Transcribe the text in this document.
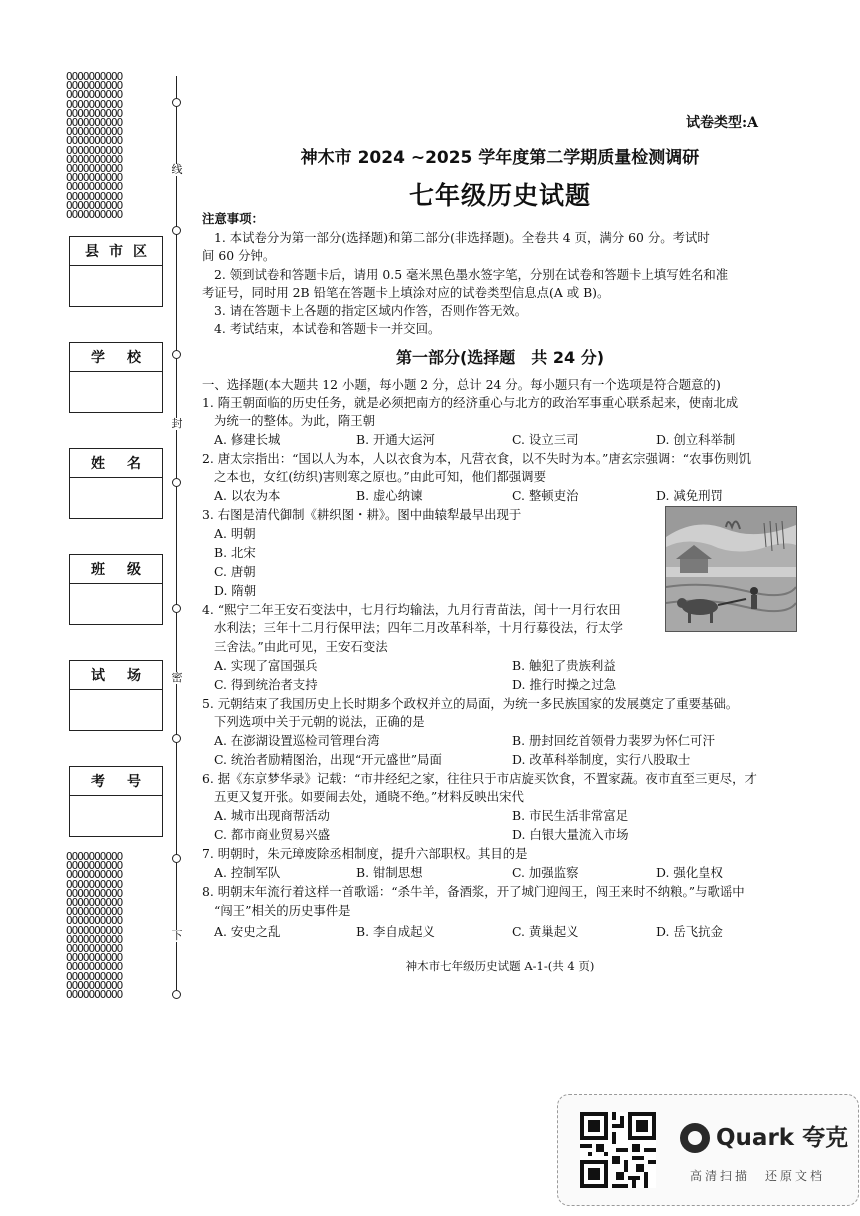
OOOOOOOOOO
OOOOOOOOOO
OOOOOOOOOO
OOOOOOOOOO
OOOOOOOOOO
OOOOOOOOOO
OOOOOOOOOO
OOOOOOOOOO
OOOOOOOOOO
OOOOOOOOOO
OOOOOOOOOO
OOOOOOOOOO
OOOOOOOOOO
OOOOOOOOOO
OOOOOOOOOO
OOOOOOOOOO
OOOOOOOOOO
OOOOOOOOOO
OOOOOOOOOO
OOOOOOOOOO
OOOOOOOOOO
OOOOOOOOOO
OOOOOOOOOO
OOOOOOOOOO
OOOOOOOOOO
OOOOOOOOOO
OOOOOOOOOO
OOOOOOOOOO
OOOOOOOOOO
OOOOOOOOOO
OOOOOOOOOO
OOOOOOOOOO
线
封
密
下
县 市 区
学 校
姓 名
班 级
试 场
考 号
试卷类型:A
神木市 2024 ~2025 学年度第二学期质量检测调研
七年级历史试题
注意事项：
1. 本试卷分为第一部分(选择题)和第二部分(非选择题)。全卷共 4 页，满分 60 分。考试时
间 60 分钟。
2. 领到试卷和答题卡后，请用 0.5 毫米黑色墨水签字笔，分别在试卷和答题卡上填写姓名和准
考证号，同时用 2B 铅笔在答题卡上填涂对应的试卷类型信息点(A 或 B)。
3. 请在答题卡上各题的指定区域内作答，否则作答无效。
4. 考试结束，本试卷和答题卡一并交回。
第一部分(选择题　共 24 分)
一、选择题(本大题共 12 小题，每小题 2 分，总计 24 分。每小题只有一个选项是符合题意的)
1. 隋王朝面临的历史任务，就是必须把南方的经济重心与北方的政治军事重心联系起来，使南北成
为统一的整体。为此，隋王朝
A. 修建长城	B. 开通大运河	C. 设立三司	D. 创立科举制
2. 唐太宗指出：“国以人为本，人以衣食为本，凡营衣食，以不失时为本。”唐玄宗强调：“农事伤则饥
之本也，女红(纺织)害则寒之原也。”由此可知，他们都强调要
A. 以农为本	B. 虚心纳谏	C. 整顿吏治	D. 减免刑罚
3. 右图是清代御制《耕织图・耕》。图中曲辕犁最早出现于
A. 明朝
B. 北宋
C. 唐朝
D. 隋朝
4. “熙宁二年王安石变法中，七月行均输法，九月行青苗法，闰十一月行农田
水利法；三年十二月行保甲法；四年二月改革科举，十月行募役法，行太学
三舍法。”由此可见，王安石变法
A. 实现了富国强兵	B. 触犯了贵族利益
C. 得到统治者支持	D. 推行时操之过急
5. 元朝结束了我国历史上长时期多个政权并立的局面，为统一多民族国家的发展奠定了重要基础。
下列选项中关于元朝的说法，正确的是
A. 在澎湖设置巡检司管理台湾	B. 册封回纥首领骨力裴罗为怀仁可汗
C. 统治者励精图治，出现“开元盛世”局面	D. 改革科举制度，实行八股取士
6. 据《东京梦华录》记载：“市井经纪之家，往往只于市店旋买饮食，不置家蔬。夜市直至三更尽，才
五更又复开张。如要闹去处，通晓不绝。”材料反映出宋代
A. 城市出现商帮活动	B. 市民生活非常富足
C. 都市商业贸易兴盛	D. 白银大量流入市场
7. 明朝时，朱元璋废除丞相制度，提升六部职权。其目的是
A. 控制军队	B. 钳制思想	C. 加强监察	D. 强化皇权
8. 明朝末年流行着这样一首歌谣：“杀牛羊，备酒浆，开了城门迎闯王，闯王来时不纳粮。”与歌谣中
“闯王”相关的历史事件是
A. 安史之乱	B. 李自成起义	C. 黄巢起义	D. 岳飞抗金
神木市七年级历史试题 A-1-(共 4 页)
Quark 夸克
高清扫描　还原文档
